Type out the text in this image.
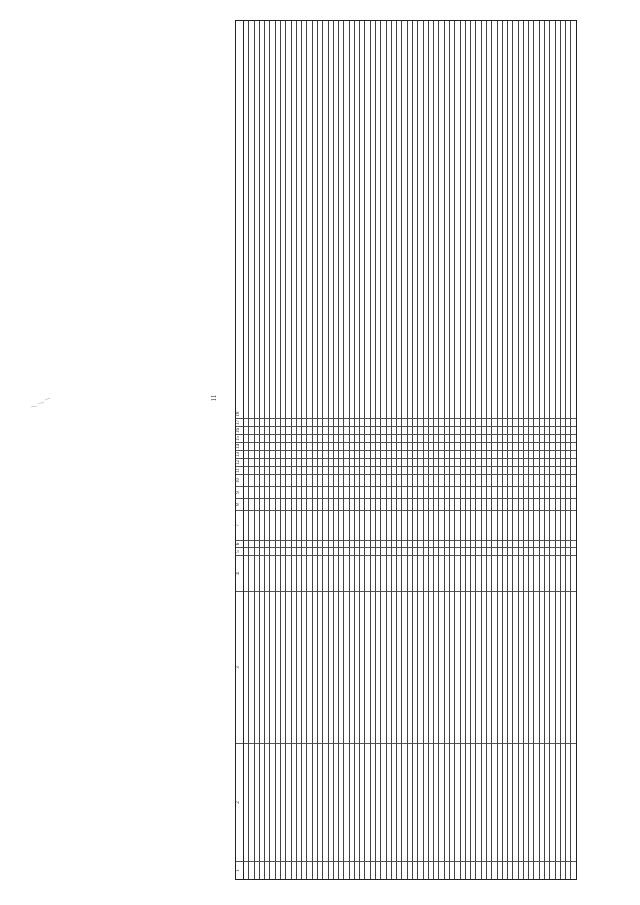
11
1
2
3
4
5
6
7
8
9
10
11
12
13
14
15
16
17
18
